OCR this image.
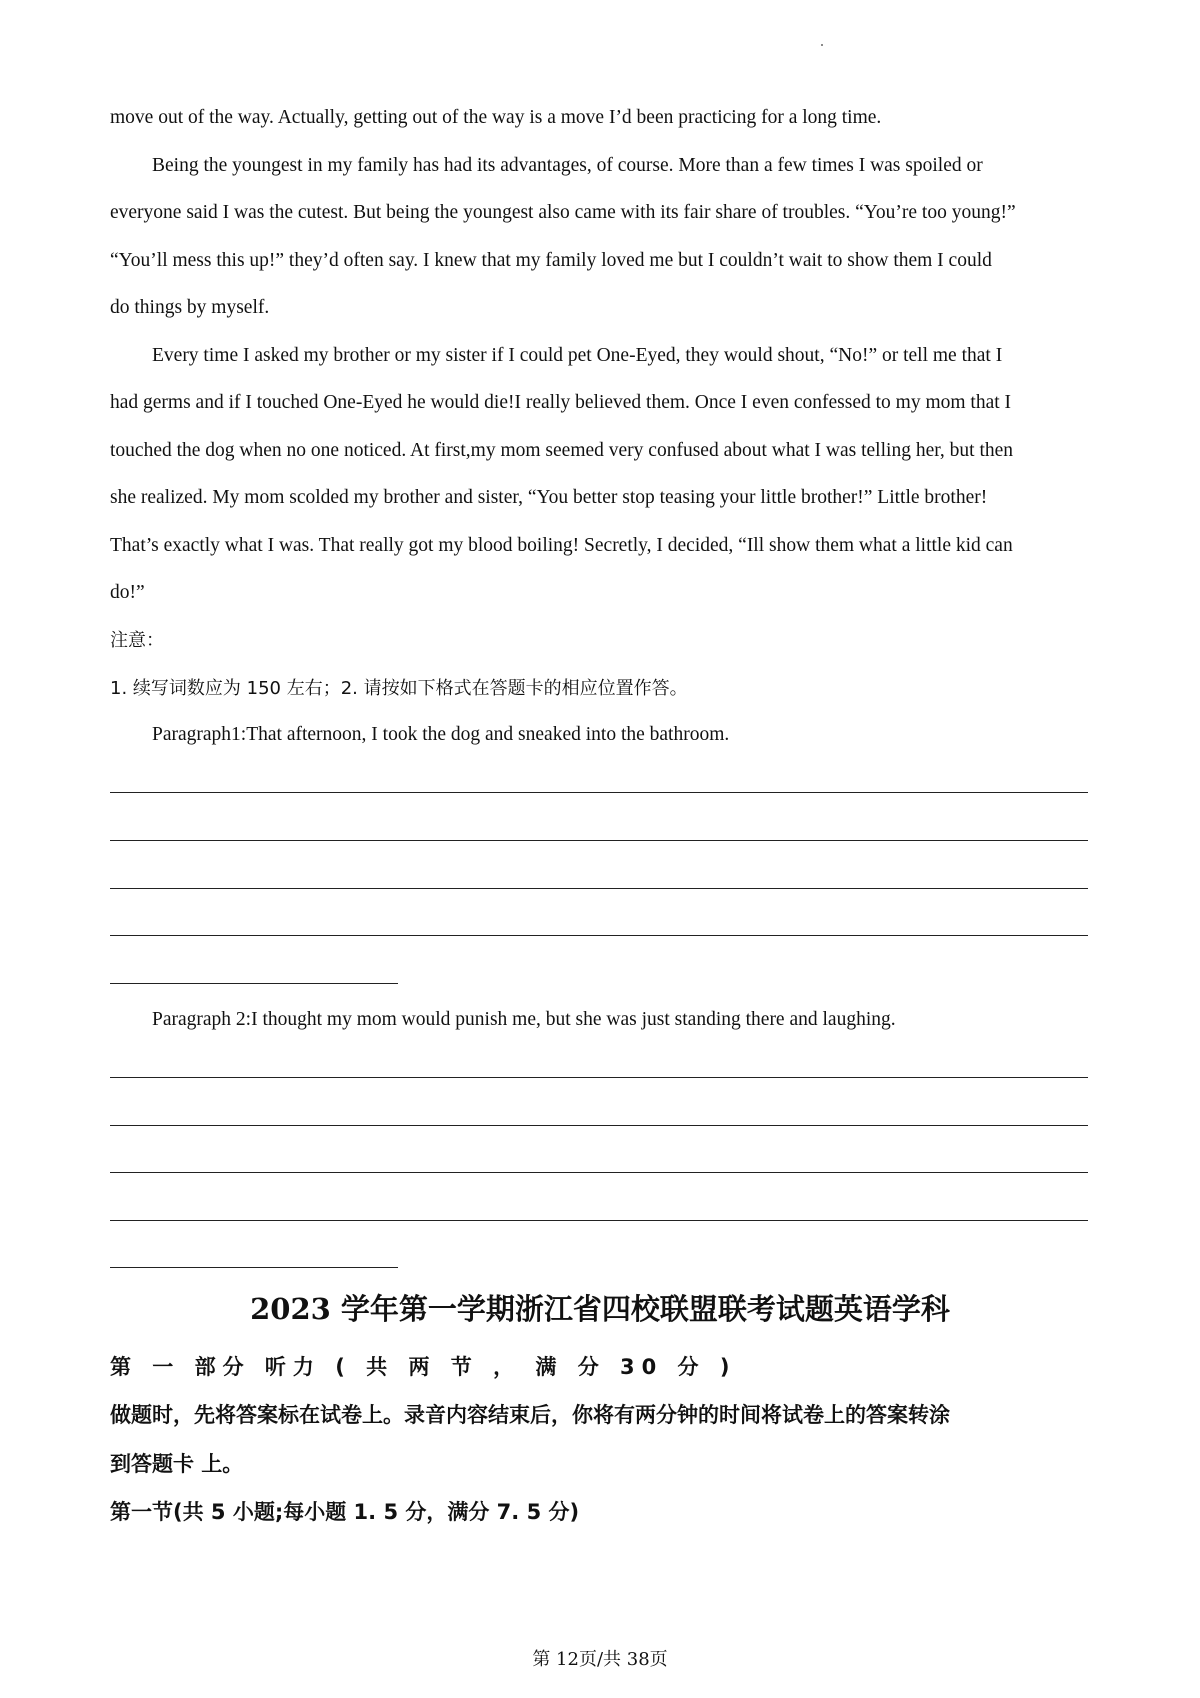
move out of the way. Actually, getting out of the way is a move I’d been practicing for a long time.
Being the youngest in my family has had its advantages, of course. More than a few times I was spoiled or
everyone said I was the cutest. But being the youngest also came with its fair share of troubles. “You’re too young!”
“You’ll mess this up!” they’d often say. I knew that my family loved me but I couldn’t wait to show them I could
do things by myself.
Every time I asked my brother or my sister if I could pet One-Eyed, they would shout, “No!” or tell me that I
had germs and if I touched One-Eyed he would die!I really believed them. Once I even confessed to my mom that I
touched the dog when no one noticed. At first,my mom seemed very confused about what I was telling her, but then
she realized. My mom scolded my brother and sister, “You better stop teasing your little brother!” Little brother!
That’s exactly what I was. That really got my blood boiling! Secretly, I decided, “Ill show them what a little kid can
do!”
注意：
1. 续写词数应为 150 左右；2. 请按如下格式在答题卡的相应位置作答。
Paragraph1:That afternoon, I took the dog and sneaked into the bathroom.
Paragraph 2:I thought my mom would punish me, but she was just standing there and laughing.
2023 学年第一学期浙江省四校联盟联考试题英语学科
第 一 部分 听力 ( 共 两 节 ， 满 分 30 分 )
做题时，先将答案标在试卷上。录音内容结束后，你将有两分钟的时间将试卷上的答案转涂
到答题卡 上。
第一节(共 5 小题;每小题 1. 5 分，满分 7. 5 分)
第 12页/共 38页
